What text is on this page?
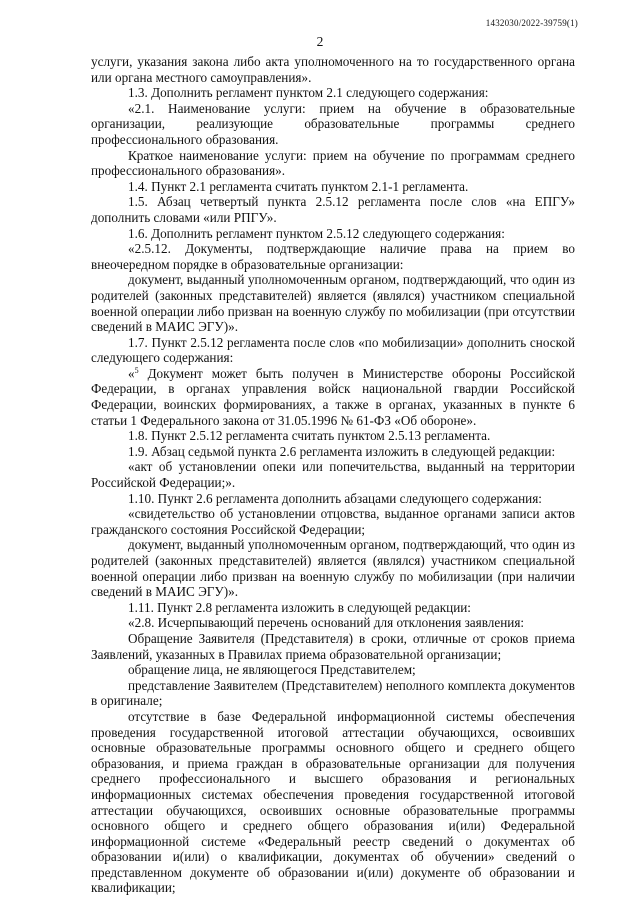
1432030/2022-39759(1)
2

услуги, указания закона либо акта уполномоченного на то государственного органа или органа местного самоуправления».

1.3. Дополнить регламент пунктом 2.1 следующего содержания:

«2.1. Наименование услуги: прием на обучение в образовательные организации, реализующие образовательные программы среднего профессионального образования.

Краткое наименование услуги: прием на обучение по программам среднего профессионального образования».

1.4. Пункт 2.1 регламента считать пунктом 2.1-1 регламента.

1.5. Абзац четвертый пункта 2.5.12 регламента после слов «на ЕПГУ» дополнить словами «или РПГУ».

1.6. Дополнить регламент пунктом 2.5.12 следующего содержания:

«2.5.12. Документы, подтверждающие наличие права на прием во внеочередном порядке в образовательные организации:

документ, выданный уполномоченным органом, подтверждающий, что один из родителей (законных представителей) является (являлся) участником специальной военной операции либо призван на военную службу по мобилизации (при отсутствии сведений в МАИС ЭГУ)».

1.7. Пункт 2.5.12 регламента после слов «по мобилизации» дополнить сноской следующего содержания:

«$^5$ Документ может быть получен в Министерстве обороны Российской Федерации, в органах управления войск национальной гвардии Российской Федерации, воинских формированиях, а также в органах, указанных в пункте 6 статьи 1 Федерального закона от 31.05.1996 № 61-ФЗ «Об обороне».

1.8. Пункт 2.5.12 регламента считать пунктом 2.5.13 регламента.

1.9. Абзац седьмой пункта 2.6 регламента изложить в следующей редакции:

«акт об установлении опеки или попечительства, выданный на территории Российской Федерации;».

1.10. Пункт 2.6 регламента дополнить абзацами следующего содержания:

«свидетельство об установлении отцовства, выданное органами записи актов гражданского состояния Российской Федерации;

документ, выданный уполномоченным органом, подтверждающий, что один из родителей (законных представителей) является (являлся) участником специальной военной операции либо призван на военную службу по мобилизации (при наличии сведений в МАИС ЭГУ)».

1.11. Пункт 2.8 регламента изложить в следующей редакции:

«2.8. Исчерпывающий перечень оснований для отклонения заявления:

Обращение Заявителя (Представителя) в сроки, отличные от сроков приема Заявлений, указанных в Правилах приема образовательной организации;

обращение лица, не являющегося Представителем;

представление Заявителем (Представителем) неполного комплекта документов в оригинале;

отсутствие в базе Федеральной информационной системы обеспечения проведения государственной итоговой аттестации обучающихся, освоивших основные образовательные программы основного общего и среднего общего образования, и приема граждан в образовательные организации для получения среднего профессионального и высшего образования и региональных информационных системах обеспечения проведения государственной итоговой аттестации обучающихся, освоивших основные образовательные программы основного общего и среднего общего образования и(или) Федеральной информационной системе «Федеральный реестр сведений о документах об образовании и(или) о квалификации, документах об обучении» сведений о представленном документе об образовании и(или) документе об образовании и квалификации;
